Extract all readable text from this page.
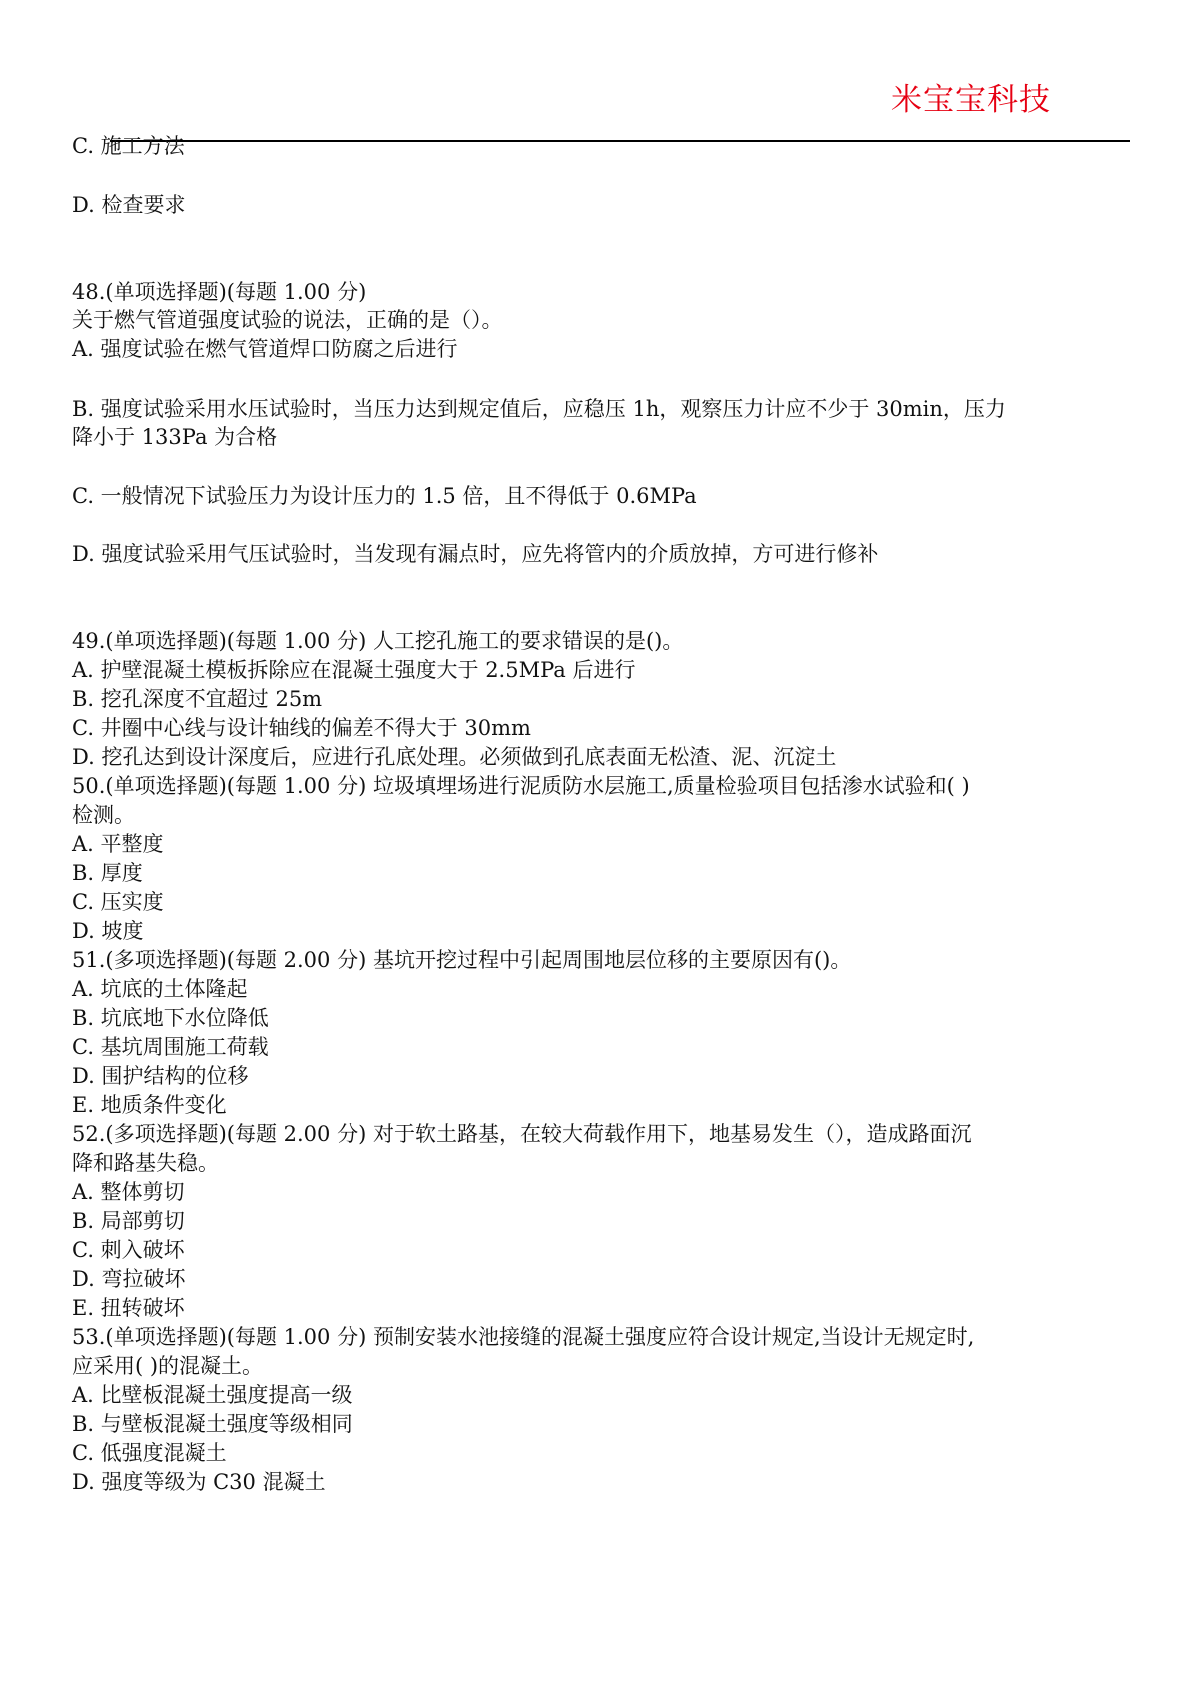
米宝宝科技
C. 施工方法
D. 检查要求
48.(单项选择题)(每题 1.00 分)
关于燃气管道强度试验的说法，正确的是（）。
A. 强度试验在燃气管道焊口防腐之后进行
B. 强度试验采用水压试验时，当压力达到规定值后，应稳压 1h，观察压力计应不少于 30min，压力
降小于 133Pa 为合格
C. 一般情况下试验压力为设计压力的 1.5 倍，且不得低于 0.6MPa
D. 强度试验采用气压试验时，当发现有漏点时，应先将管内的介质放掉，方可进行修补
49.(单项选择题)(每题 1.00 分) 人工挖孔施工的要求错误的是()。
A. 护壁混凝土模板拆除应在混凝土强度大于 2.5MPa 后进行
B. 挖孔深度不宜超过 25m
C. 井圈中心线与设计轴线的偏差不得大于 30mm
D. 挖孔达到设计深度后，应进行孔底处理。必须做到孔底表面无松渣、泥、沉淀土
50.(单项选择题)(每题 1.00 分) 垃圾填埋场进行泥质防水层施工,质量检验项目包括渗水试验和( )
检测。
A. 平整度
B. 厚度
C. 压实度
D. 坡度
51.(多项选择题)(每题 2.00 分) 基坑开挖过程中引起周围地层位移的主要原因有()。
A. 坑底的土体隆起
B. 坑底地下水位降低
C. 基坑周围施工荷载
D. 围护结构的位移
E. 地质条件变化
52.(多项选择题)(每题 2.00 分) 对于软土路基，在较大荷载作用下，地基易发生（），造成路面沉
降和路基失稳。
A. 整体剪切
B. 局部剪切
C. 刺入破坏
D. 弯拉破坏
E. 扭转破坏
53.(单项选择题)(每题 1.00 分) 预制安装水池接缝的混凝土强度应符合设计规定,当设计无规定时,
应采用( )的混凝土。
A. 比壁板混凝土强度提高一级
B. 与壁板混凝土强度等级相同
C. 低强度混凝土
D. 强度等级为 C30 混凝土
